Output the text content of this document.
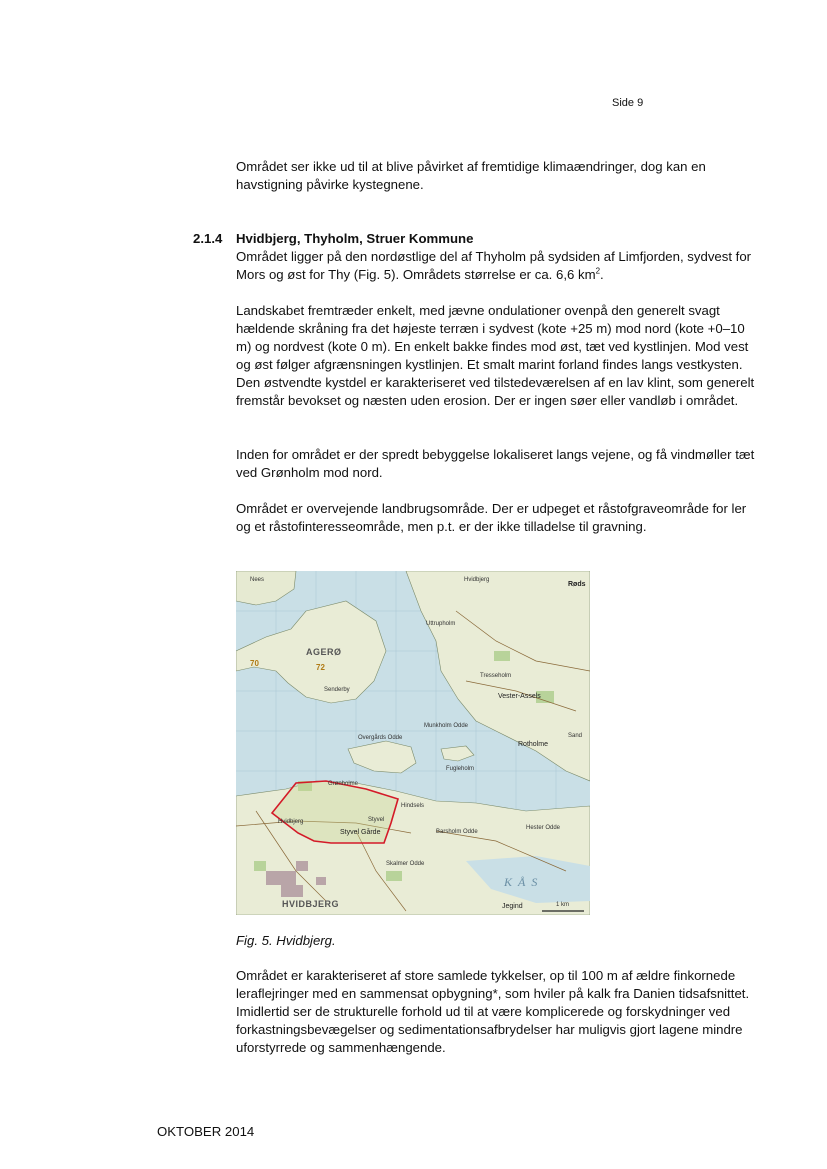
Side 9

Området ser ikke ud til at blive påvirket af fremtidige klimaændringer, dog kan en havstigning påvirke kystegnene.

2.1.4 Hvidbjerg, Thyholm, Struer Kommune

Området ligger på den nordøstlige del af Thyholm på sydsiden af Limfjorden, sydvest for Mors og øst for Thy (Fig. 5). Områdets størrelse er ca. 6,6 $km^2$.

Landskabet fremtræder enkelt, med jævne ondulationer ovenpå den generelt svagt hældende skråning fra det højeste terræn i sydvest (kote +25 m) mod nord (kote +0–10 m) og nordvest (kote 0 m). En enkelt bakke findes mod øst, tæt ved kystlinjen. Mod vest og øst følger afgrænsningen kystlinjen. Et smalt marint forland findes langs vestkysten. Den østvendte kystdel er karakteriseret ved tilstedeværelsen af en lav klint, som generelt fremstår bevokset og næsten uden erosion. Der er ingen søer eller vandløb i området.

Inden for området er der spredt bebyggelse lokaliseret langs vejene, og få vindmøller tæt ved Grønholm mod nord.

Området er overvejende landbrugsområde. Der er udpeget et råstofgraveområde for ler og et råstofinteresseområde, men p.t. er der ikke tilladelse til gravning.

Nees	Hvidbjerg
Røds
AGERØ
70	72
Senderby
Vester-Assels
Uttrupholm
Tresseholm
Sand
Munkholm Odde
Rotholme
Overgårds Odde
Grønholme
Hindsels
Fugleholm
Hvidbjerg	Styvel
Styvel Gårde	Barsholm Odde
Hester Odde
Skalmer Odde
KÅS
HVIDBJERG	Jegind	1 km
Fig. 5. Hvidbjerg.

Området er karakteriseret af store samlede tykkelser, op til 100 m af ældre finkornede leraflejringer med en sammensat opbygning*, som hviler på kalk fra Danien tidsafsnittet. Imidlertid ser de strukturelle forhold ud til at være komplicerede og forskydninger ved forkastningsbevægelser og sedimentationsafbrydelser har muligvis gjort lagene mindre uforstyrrede og sammenhængende.

OKTOBER 2014
